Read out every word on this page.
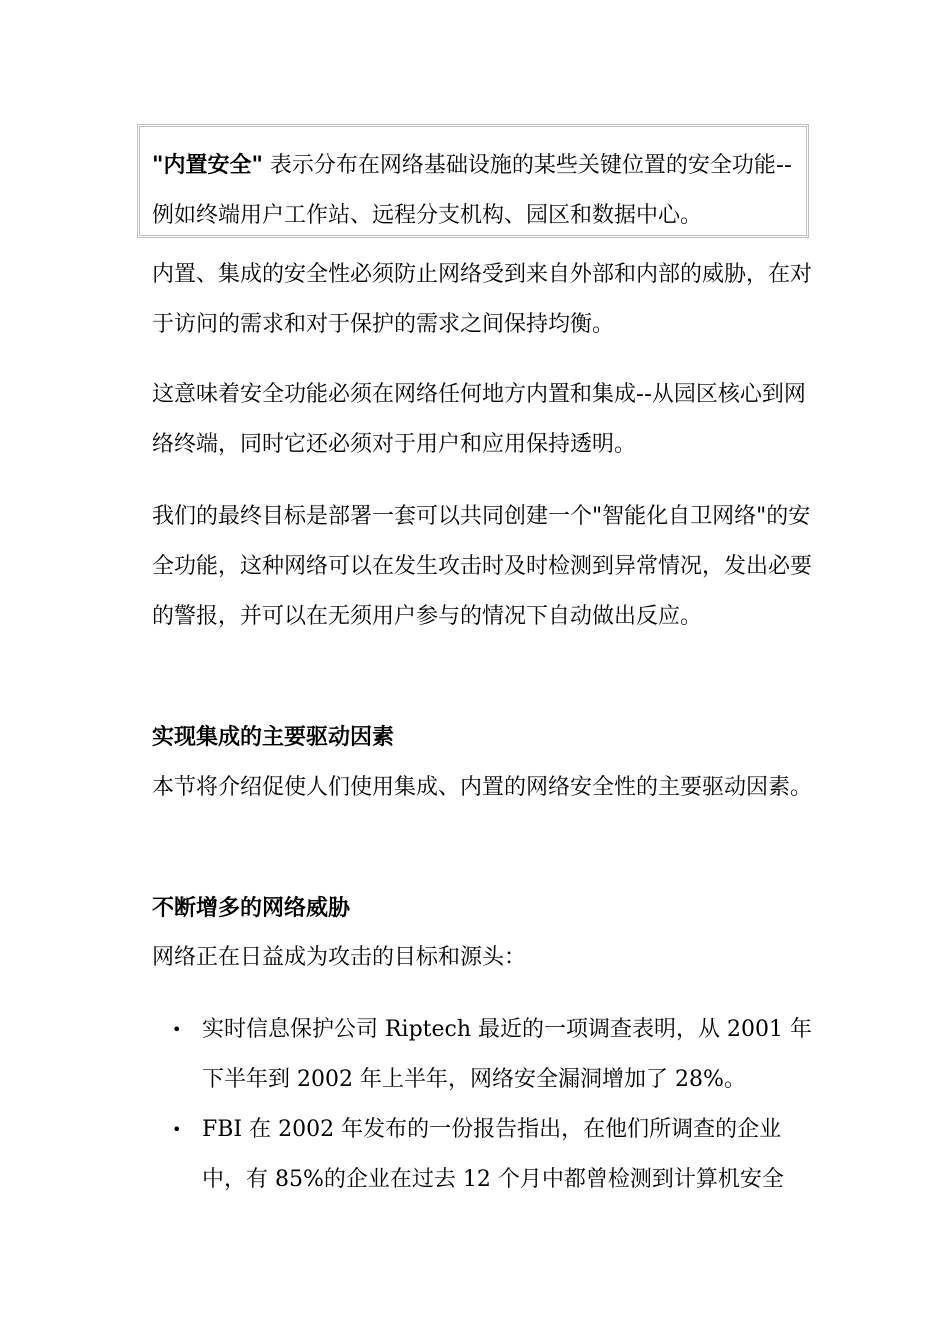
"内置安全" 表示分布在网络基础设施的某些关键位置的安全功能--例如终端用户工作站、远程分支机构、园区和数据中心。

内置、集成的安全性必须防止网络受到来自外部和内部的威胁，在对于访问的需求和对于保护的需求之间保持均衡。

这意味着安全功能必须在网络任何地方内置和集成--从园区核心到网络终端，同时它还必须对于用户和应用保持透明。

我们的最终目标是部署一套可以共同创建一个"智能化自卫网络"的安全功能，这种网络可以在发生攻击时及时检测到异常情况，发出必要的警报，并可以在无须用户参与的情况下自动做出反应。

实现集成的主要驱动因素

本节将介绍促使人们使用集成、内置的网络安全性的主要驱动因素。

不断增多的网络威胁

网络正在日益成为攻击的目标和源头：

• 实时信息保护公司 Riptech 最近的一项调查表明，从 2001 年下半年到 2002 年上半年，网络安全漏洞增加了 28%。
• FBI 在 2002 年发布的一份报告指出，在他们所调查的企业中，有 85%的企业在过去 12 个月中都曾检测到计算机安全
